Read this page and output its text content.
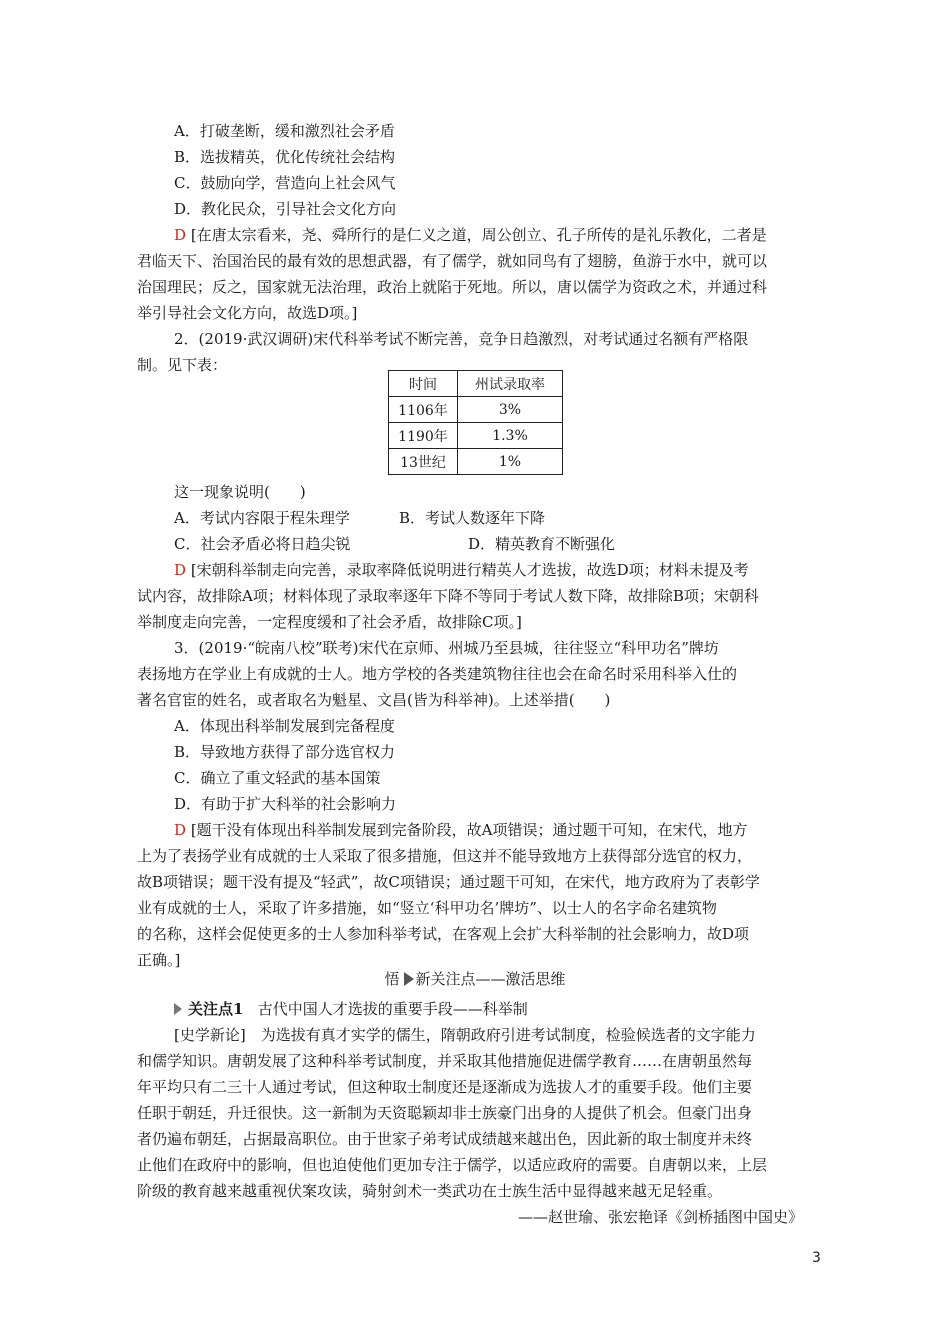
A．打破垄断，缓和激烈社会矛盾
B．选拔精英，优化传统社会结构
C．鼓励向学，营造向上社会风气
D．教化民众，引导社会文化方向
D [在唐太宗看来，尧、舜所行的是仁义之道，周公创立、孔子所传的是礼乐教化，二者是
君临天下、治国治民的最有效的思想武器，有了儒学，就如同鸟有了翅膀，鱼游于水中，就可以
治国理民；反之，国家就无法治理，政治上就陷于死地。所以，唐以儒学为资政之术，并通过科
举引导社会文化方向，故选D项。]
2．(2019·武汉调研)宋代科举考试不断完善，竞争日趋激烈，对考试通过名额有严格限
制。见下表：
时间	州试录取率
1106年	3%
1190年	1.3%
13世纪	1%
这一现象说明(　　)
A．考试内容限于程朱理学	B．考试人数逐年下降
C．社会矛盾必将日趋尖锐	D．精英教育不断强化
D [宋朝科举制走向完善，录取率降低说明进行精英人才选拔，故选D项；材料未提及考
试内容，故排除A项；材料体现了录取率逐年下降不等同于考试人数下降，故排除B项；宋朝科
举制度走向完善，一定程度缓和了社会矛盾，故排除C项。]
3．(2019·“皖南八校”联考)宋代在京师、州城乃至县城，往往竖立“科甲功名”牌坊
表扬地方在学业上有成就的士人。地方学校的各类建筑物往往也会在命名时采用科举入仕的
著名官宦的姓名，或者取名为魁星、文昌(皆为科举神)。上述举措(　　)
A．体现出科举制发展到完备程度
B．导致地方获得了部分选官权力
C．确立了重文轻武的基本国策
D．有助于扩大科举的社会影响力
D [题干没有体现出科举制发展到完备阶段，故A项错误；通过题干可知，在宋代，地方
上为了表扬学业有成就的士人采取了很多措施，但这并不能导致地方上获得部分选官的权力，
故B项错误；题干没有提及“轻武”，故C项错误；通过题干可知，在宋代，地方政府为了表彰学
业有成就的士人，采取了许多措施，如“竖立‘科甲功名’牌坊”、以士人的名字命名建筑物
的名称，这样会促使更多的士人参加科举考试，在客观上会扩大科举制的社会影响力，故D项
正确。]
悟 新关注点——激活思维
关注点1 古代中国人才选拔的重要手段——科举制
[史学新论]　为选拔有真才实学的儒生，隋朝政府引进考试制度，检验候选者的文字能力
和儒学知识。唐朝发展了这种科举考试制度，并采取其他措施促进儒学教育……在唐朝虽然每
年平均只有二三十人通过考试，但这种取士制度还是逐渐成为选拔人才的重要手段。他们主要
任职于朝廷，升迁很快。这一新制为天资聪颖却非士族豪门出身的人提供了机会。但豪门出身
者仍遍布朝廷，占据最高职位。由于世家子弟考试成绩越来越出色，因此新的取士制度并未终
止他们在政府中的影响，但也迫使他们更加专注于儒学，以适应政府的需要。自唐朝以来，上层
阶级的教育越来越重视伏案攻读，骑射剑术一类武功在士族生活中显得越来越无足轻重。
——赵世瑜、张宏艳译《剑桥插图中国史》
3
